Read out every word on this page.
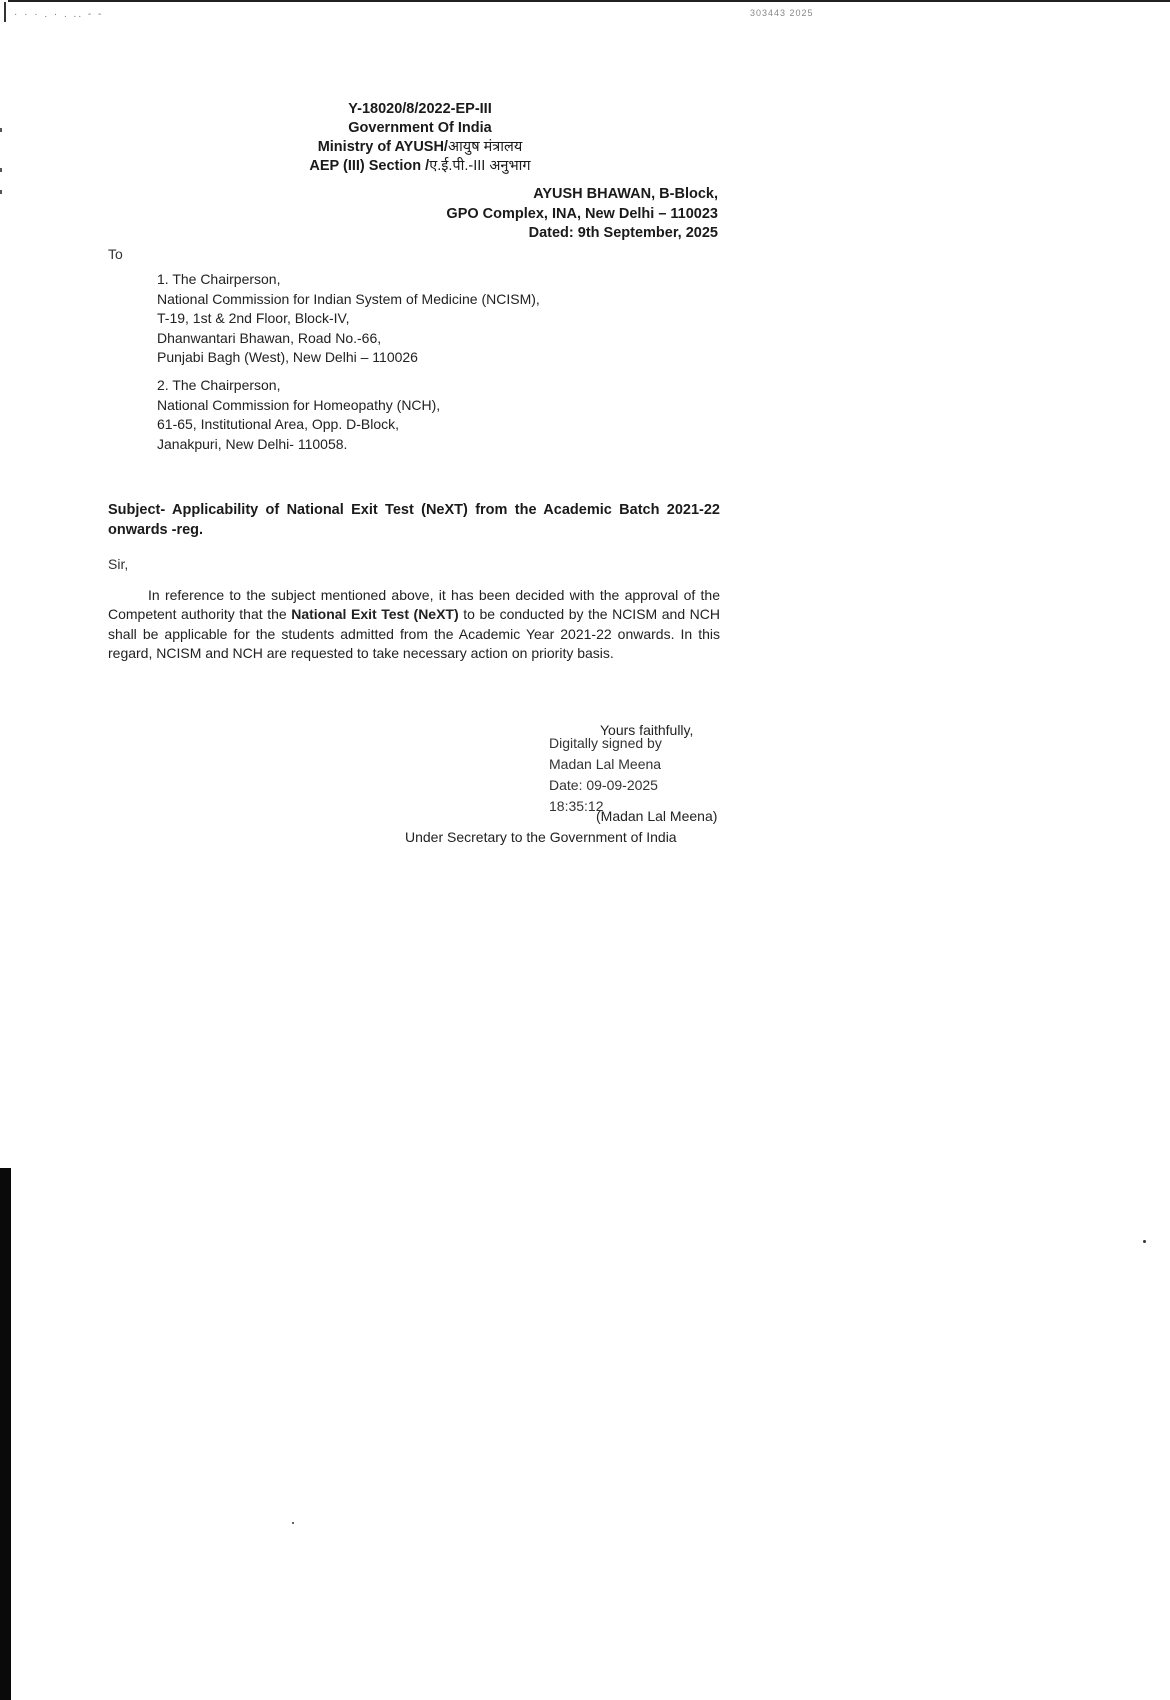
· · · . · . .. - ‐	303443 2025
Y-18020/8/2022-EP-III
Government Of India
Ministry of AYUSH/आयुष मंत्रालय
AEP (III) Section /ए.ई.पी.-III अनुभाग
AYUSH BHAWAN, B-Block,
GPO Complex, INA, New Delhi – 110023
Dated: 9th September, 2025
To
1. The Chairperson,
National Commission for Indian System of Medicine (NCISM),
T-19, 1st & 2nd Floor, Block-IV,
Dhanwantari Bhawan, Road No.-66,
Punjabi Bagh (West), New Delhi – 110026
2. The Chairperson,
National Commission for Homeopathy (NCH),
61-65, Institutional Area, Opp. D-Block,
Janakpuri, New Delhi- 110058.
Subject- Applicability of National Exit Test (NeXT) from the Academic Batch 2021-22 onwards -reg.
Sir,
In reference to the subject mentioned above, it has been decided with the approval of the Competent authority that the National Exit Test (NeXT) to be conducted by the NCISM and NCH shall be applicable for the students admitted from the Academic Year 2021-22 onwards. In this regard, NCISM and NCH are requested to take necessary action on priority basis.
Yours faithfully,
Digitally signed by
Madan Lal Meena
Date: 09-09-2025
18:35:12
(Madan Lal Meena)
Under Secretary to the Government of India
